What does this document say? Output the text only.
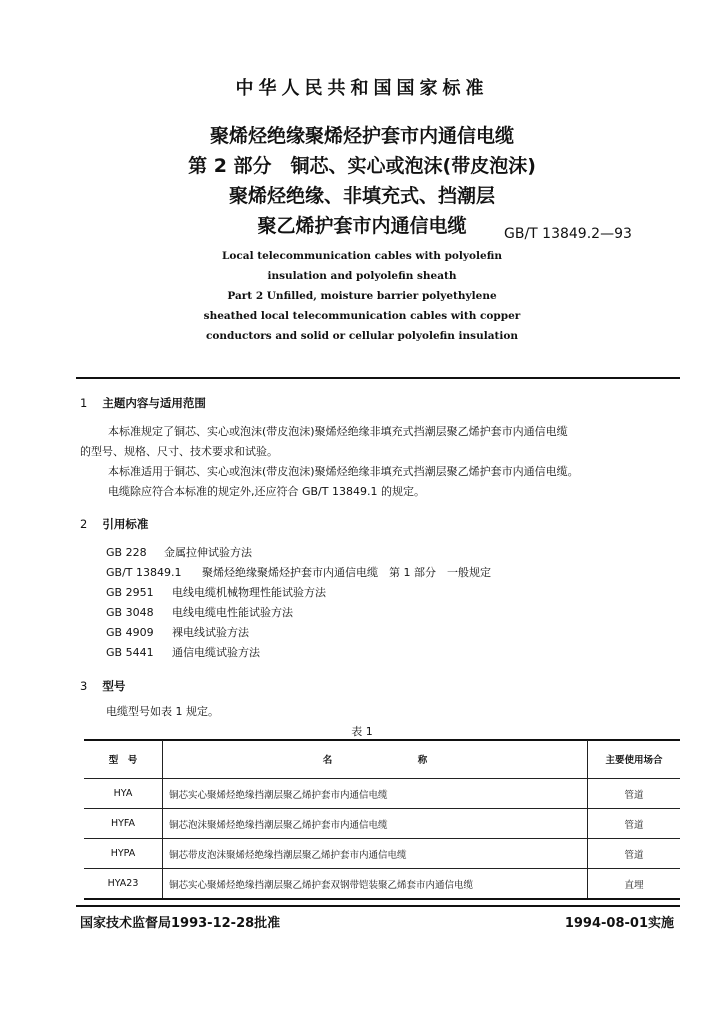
中华人民共和国国家标准
聚烯烃绝缘聚烯烃护套市内通信电缆
第 2 部分　铜芯、实心或泡沫(带皮泡沫)
聚烯烃绝缘、非填充式、挡潮层
聚乙烯护套市内通信电缆	GB/T 13849.2—93
Local telecommunication cables with polyolefin
insulation and polyolefin sheath
Part 2 Unfilled, moisture barrier polyethylene
sheathed local telecommunication cables with copper
conductors and solid or cellular polyolefin insulation
1 主题内容与适用范围
本标准规定了铜芯、实心或泡沫(带皮泡沫)聚烯烃绝缘非填充式挡潮层聚乙烯护套市内通信电缆
的型号、规格、尺寸、技术要求和试验。
本标准适用于铜芯、实心或泡沫(带皮泡沫)聚烯烃绝缘非填充式挡潮层聚乙烯护套市内通信电缆。
电缆除应符合本标准的规定外,还应符合 GB/T 13849.1 的规定。
2 引用标准
GB 228 金属拉伸试验方法
GB/T 13849.1 聚烯烃绝缘聚烯烃护套市内通信电缆　第 1 部分　一般规定
GB 2951 电线电缆机械物理性能试验方法
GB 3048 电线电缆电性能试验方法
GB 4909 裸电线试验方法
GB 5441 通信电缆试验方法
3 型号
电缆型号如表 1 规定。
表 1
型　号	名　　　　　　　　　称	主要使用场合
HYA	铜芯实心聚烯烃绝缘挡潮层聚乙烯护套市内通信电缆	管道
HYFA	铜芯泡沫聚烯烃绝缘挡潮层聚乙烯护套市内通信电缆	管道
HYPA	铜芯带皮泡沫聚烯烃绝缘挡潮层聚乙烯护套市内通信电缆	管道
HYA23	铜芯实心聚烯烃绝缘挡潮层聚乙烯护套双钢带铠装聚乙烯套市内通信电缆	直埋
国家技术监督局1993-12-28批准	1994-08-01实施
